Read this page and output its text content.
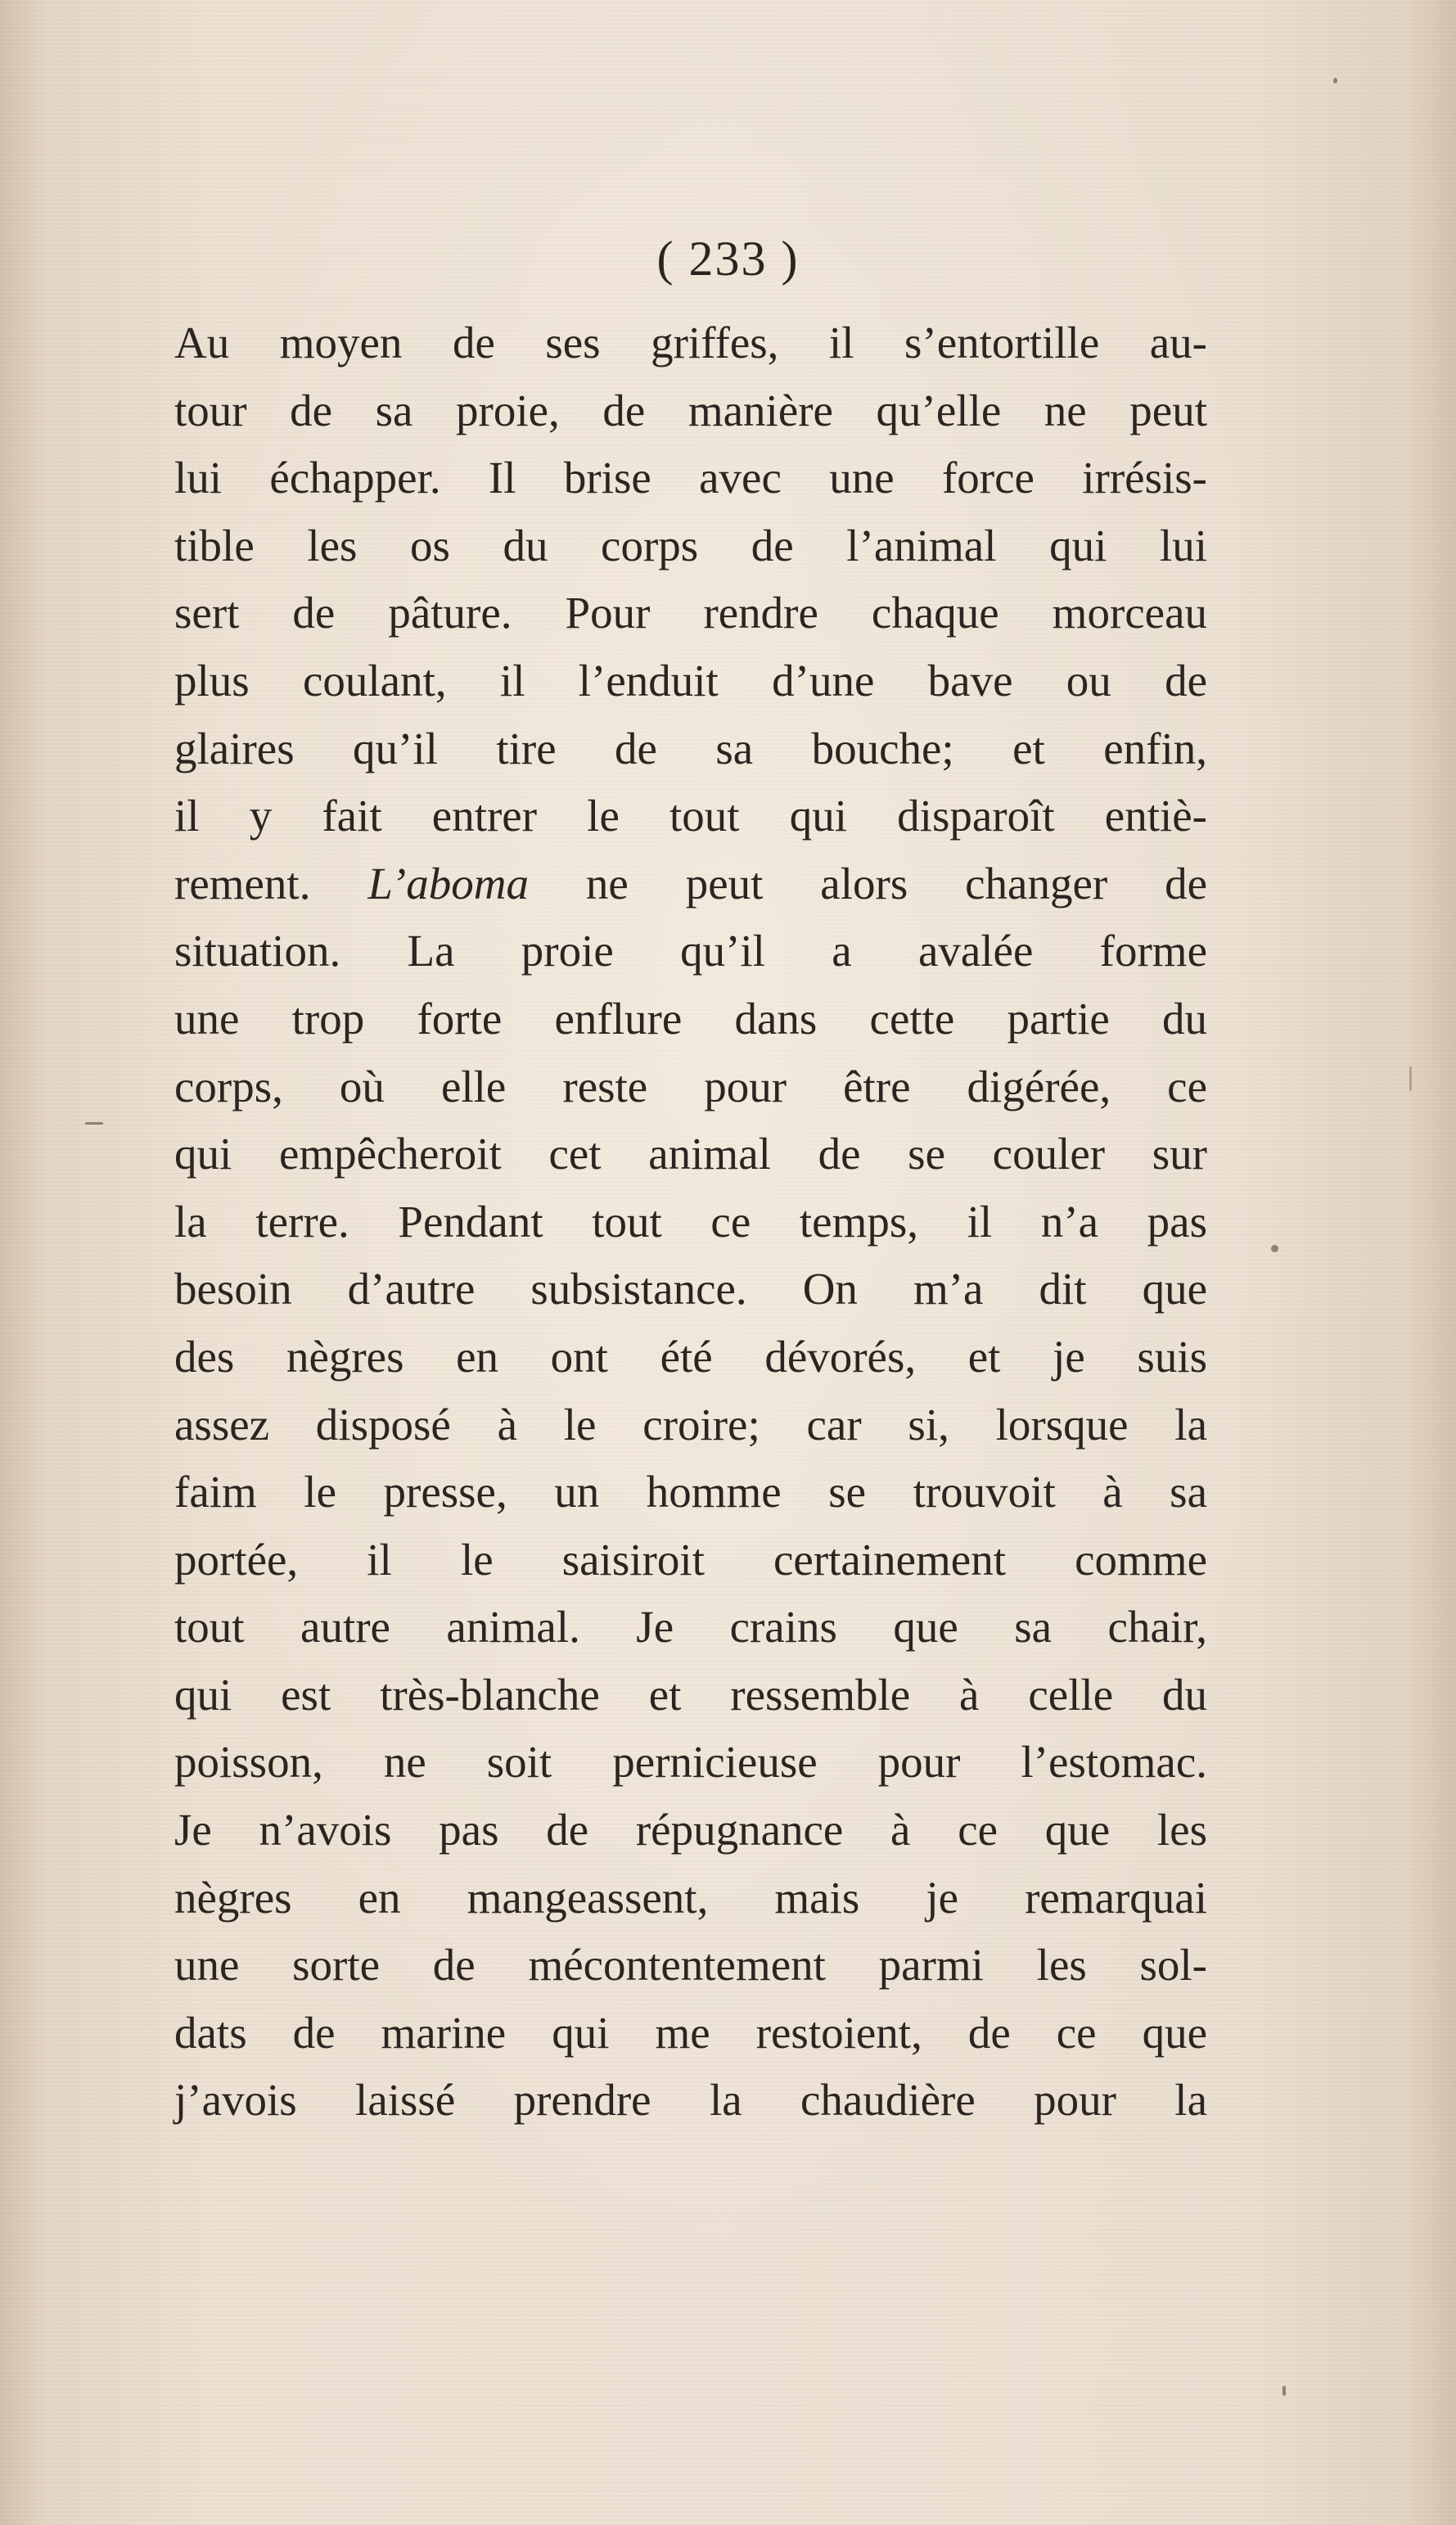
( 233 )
Au moyen de ses griffes, il s’entortille au-
tour de sa proie, de manière qu’elle ne peut
lui échapper. Il brise avec une force irrésis-
tible les os du corps de l’animal qui lui
sert de pâture. Pour rendre chaque morceau
plus coulant, il l’enduit d’une bave ou de
glaires qu’il tire de sa bouche; et enfin,
il y fait entrer le tout qui disparoît entiè-
rement. L’aboma ne peut alors changer de
situation. La proie qu’il a avalée forme
une trop forte enflure dans cette partie du
corps, où elle reste pour être digérée, ce
qui empêcheroit cet animal de se couler sur
la terre. Pendant tout ce temps, il n’a pas
besoin d’autre subsistance. On m’a dit que
des nègres en ont été dévorés, et je suis
assez disposé à le croire; car si, lorsque la
faim le presse, un homme se trouvoit à sa
portée, il le saisiroit certainement comme
tout autre animal. Je crains que sa chair,
qui est très-blanche et ressemble à celle du
poisson, ne soit pernicieuse pour l’estomac.
Je n’avois pas de répugnance à ce que les
nègres en mangeassent, mais je remarquai
une sorte de mécontentement parmi les sol-
dats de marine qui me restoient, de ce que
j’avois laissé prendre la chaudière pour la
